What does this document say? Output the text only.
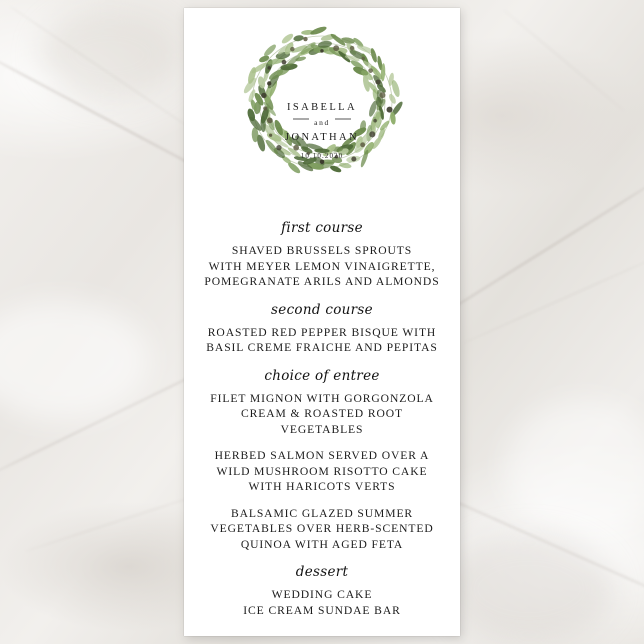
ISABELLA
and
JONATHAN
10.10.2020
first course
SHAVED BRUSSELS SPROUTS
WITH MEYER LEMON VINAIGRETTE,
POMEGRANATE ARILS AND ALMONDS
second course
ROASTED RED PEPPER BISQUE WITH
BASIL CREME FRAICHE AND PEPITAS
choice of entree
FILET MIGNON WITH GORGONZOLA
CREAM & ROASTED ROOT VEGETABLES
HERBED SALMON SERVED OVER A
WILD MUSHROOM RISOTTO CAKE
WITH HARICOTS VERTS
BALSAMIC GLAZED SUMMER
VEGETABLES OVER HERB-SCENTED
QUINOA WITH AGED FETA
dessert
WEDDING CAKE
ICE CREAM SUNDAE BAR
